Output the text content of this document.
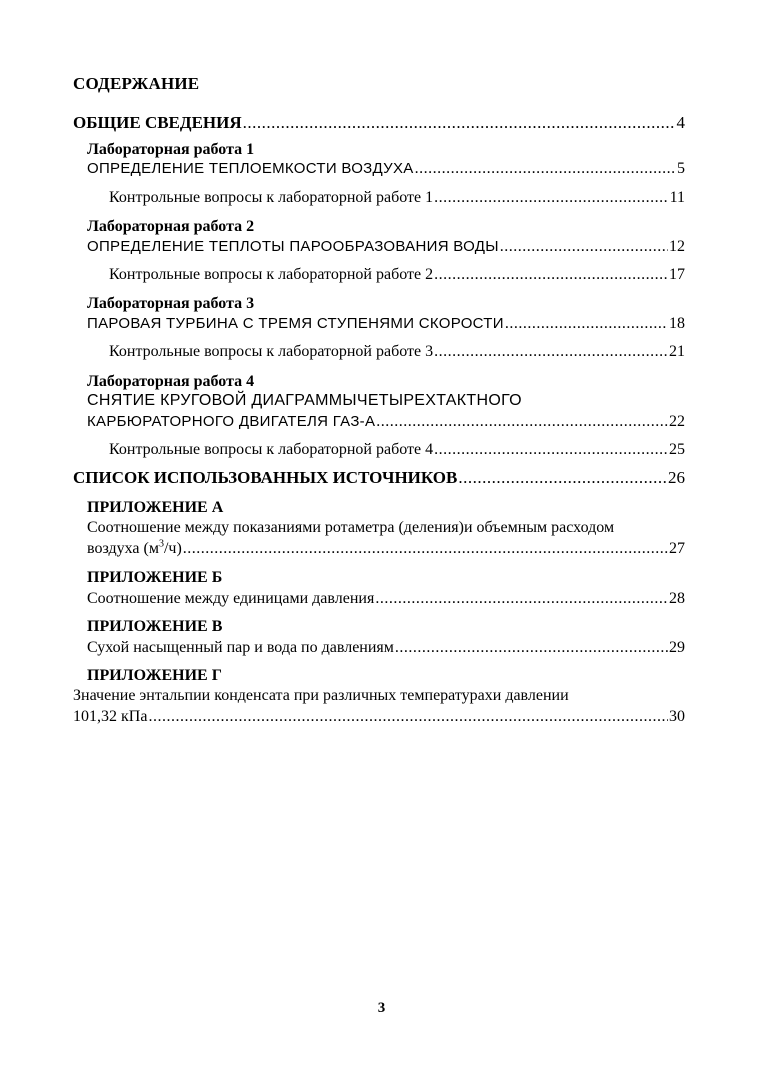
СОДЕРЖАНИЕ
ОБЩИЕ СВЕДЕНИЯ .....	4
Лабораторная работа 1
ОПРЕДЕЛЕНИЕ ТЕПЛОЕМКОСТИ ВОЗДУХА .....	5
Контрольные вопросы к лабораторной работе 1 .....	11
Лабораторная работа 2
ОПРЕДЕЛЕНИЕ ТЕПЛОТЫ ПАРООБРАЗОВАНИЯ ВОДЫ .....	12
Контрольные вопросы к лабораторной работе 2 .....	17
Лабораторная работа 3
ПАРОВАЯ ТУРБИНА С ТРЕМЯ СТУПЕНЯМИ СКОРОСТИ .....	18
Контрольные вопросы к лабораторной работе 3 .....	21
Лабораторная работа 4
СНЯТИЕ КРУГОВОЙ ДИАГРАММЫЧЕТЫРЕХТАКТНОГО
КАРБЮРАТОРНОГО ДВИГАТЕЛЯ ГАЗ-А .....	22
Контрольные вопросы к лабораторной работе 4 .....	25
СПИСОК ИСПОЛЬЗОВАННЫХ ИСТОЧНИКОВ .....	26
ПРИЛОЖЕНИЕ А
Соотношение между показаниями ротаметра (деления)и объемным расходом
воздуха $(м^3/ч)$ .....	27
ПРИЛОЖЕНИЕ Б
Соотношение между единицами давления .....	28
ПРИЛОЖЕНИЕ В
Сухой насыщенный пар и вода по давлениям .....	29
ПРИЛОЖЕНИЕ Г
Значение энтальпии конденсата при различных температурахи давлении
101,32 кПа .....	30
3
